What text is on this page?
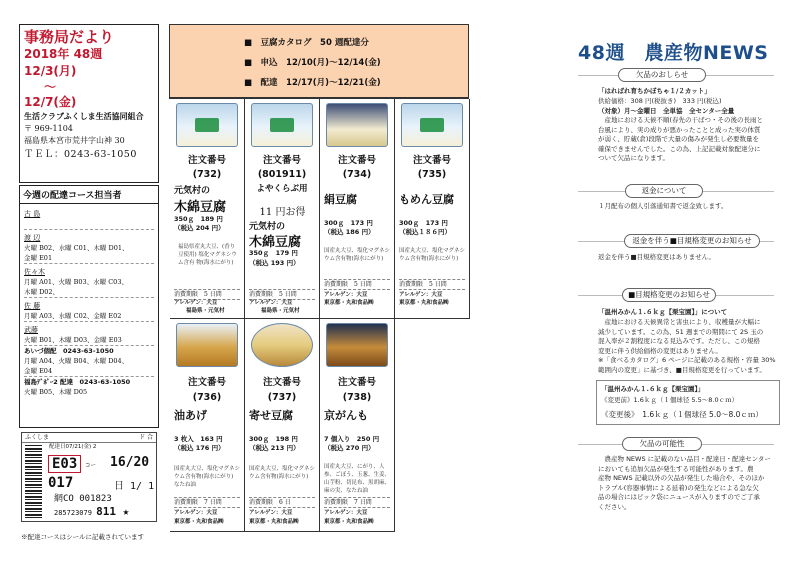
事務局だより
2018年 48週
12/3(月)
～
12/7(金)
生活クラブふくしま生活協同組合
〒 969-1104
福島県本宮市荒井字山神 30
ＴＥＬ：0243-63-1050
今週の配達コース担当者
古 島

渡 辺
火曜 B02、水曜 C01、木曜 D01、
金曜 E01
佐々木
月曜 A01、火曜 B03、水曜 C03、
木曜 D02、
佐 藤
月曜 A03、水曜 C02、金曜 E02
武藤
火曜 B01、木曜 D03、金曜 E03
あいづ個配　0243-63-1050
月曜 A04、火曜 B04、木曜 D04、
金曜 E04
福島ﾃﾞﾎﾟｰ2 配達　0243-63-1050
火曜 B05、木曜 D05
ふくしま	ド 合
配達日07/21(金) 2
E03	コー 16/20
017	日 1/ 1
網CO 001823
285723079 811 ★
※配達コースはシールに記載されています
■　豆腐カタログ　50 週配達分
■　申込　12/10(月)～12/14(金)
■　配達　12/17(月)～12/21(金)
注文番号
(732)
元気村の
木綿豆腐
350ｇ　189 円
（税込 204 円）
福島県産丸大豆、(香り豆使用) 塩化マグネシウム含有 物(海水にがり)
消費期限　5 日間
アレルゲン：大豆
福島県・元気村
注文番号
(801911)
よやくらぶ用
11 円お得
元気村の
木綿豆腐
350ｇ　179 円
（税込 193 円）
消費期限　5 日間
アレルゲン：大豆
福島県・元気村
注文番号
(734)
絹豆腐
300ｇ　173 円
（税込 186 円）
国産丸大豆、塩化マグネシウム含有物(海水にがり)
消費期限　5 日間
アレルゲン：大豆
東京都・丸和食品㈱
注文番号
(735)
もめん豆腐
300ｇ　173 円
（税込１８６円）
国産丸大豆、塩化マグネシウム含有物(海水にがり)
消費期限　5 日間
アレルゲン：大豆
東京都・丸和食品㈱
注文番号
(736)
油あげ
3 枚入　163 円
（税込 176 円）
国産丸大豆、塩化マグネシウム含有物(海水にがり) なたね油
消費期限　7 日間
アレルゲン：大豆
東京都・丸和食品㈱
注文番号
(737)
寄せ豆腐
300ｇ　198 円
（税込 213 円）
国産丸大豆、塩化マグネシウム含有物(海水にがり)
消費期限　6 日
アレルゲン：大豆
東京都・丸和食品㈱
注文番号
(738)
京がんも
7 個入り　250 円
（税込 270 円）
国産丸大豆、にがり、人参、ごぼう、玉葱、生姜、山芋粉、切昆布、黒胡麻、麻の実、なたね油
消費期限　7 日間
アレルゲン：大豆
東京都・丸和食品㈱
48週　農産物NEWS
欠品のおしらせ
「はればれ育ちかぼちゃ１/２カット」
供給価格：308 円(税抜き)　333 円(税込)
（対象）月～金曜日　全単協　全センター全量
　産地における天候不順(春先の干ばつ・その後の長雨と
台風により、実の成りが悪かったことと成った実の体質
が弱く、貯蔵(倉)段階で大量の傷みが発生し必要数量を
確保できませんでした。この為、上記記載対象配達分に
ついて欠品になります。
返金について
１月配布の個人引落通知書で返金致します。
返金を伴う■目規格変更のお知らせ
返金を伴う■目規格変更はありません。
■目規格変更のお知らせ
「温州みかん１.６ｋｇ【栗宝園】」について
　産地における天候異常と害虫により、収穫量が大幅に
減少しています。この為、51 週までの期間にて 2S 玉の
混入率が２割程度になる見込みです。ただし、この規格
変更に伴う供給価格の変更はありません。
※「食べるカタログ」6 ページに記載のある規格・容量 30%
範囲内の変更」に基づき、■目規格変更を行っています。
「温州みかん１.６ｋｇ【栗宝園】」
《変更前》1.6ｋｇ（１個球径 5.5～8.0ｃｍ）
《変更後》　1.6ｋｇ（１個球径 5.0～8.0ｃｍ）
欠品の可能性
　農産物 NEWS に記載のない品目・配達日・配達センター
においても追加欠品が発生する可能性があります。農
産物 NEWS 記載以外の欠品が発生した場合や、そのほか
トラブル(容器事情による延着)の発生などによる急な欠
品の場合にはピック袋にニュースが入りますのでご了承
ください。
